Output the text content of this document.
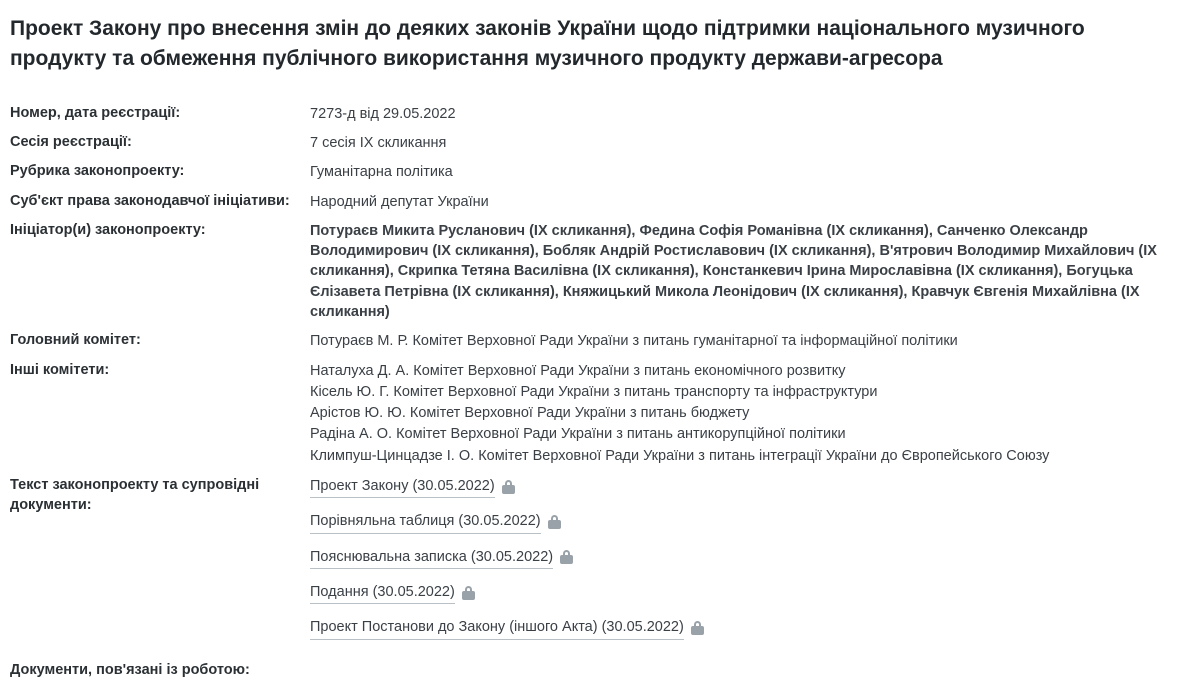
Проект Закону про внесення змін до деяких законів України щодо підтримки національного музичного продукту та обмеження публічного використання музичного продукту держави-агресора
Номер, дата реєстрації:	7273-д від 29.05.2022
Сесія реєстрації:	7 сесія IX скликання
Рубрика законопроекту:	Гуманітарна політика
Суб'єкт права законодавчої ініціативи:	Народний депутат України
Ініціатор(и) законопроекту:	Потураєв Микита Русланович (IX скликання), Федина Софія Романівна (IX скликання), Санченко Олександр Володимирович (IX скликання), Бобляк Андрій Ростиславович (IX скликання), В'ятрович Володимир Михайлович (IX скликання), Скрипка Тетяна Василівна (IX скликання), Констанкевич Ірина Мирославівна (IX скликання), Богуцька Єлізавета Петрівна (IX скликання), Княжицький Микола Леонідович (IX скликання), Кравчук Євгенія Михайлівна (IX скликання)
Головний комітет:	Потураєв М. Р. Комітет Верховної Ради України з питань гуманітарної та інформаційної політики
Інші комітети:	Наталуха Д. А. Комітет Верховної Ради України з питань економічного розвитку
Кісель Ю. Г. Комітет Верховної Ради України з питань транспорту та інфраструктури
Арістов Ю. Ю. Комітет Верховної Ради України з питань бюджету
Радіна А. О. Комітет Верховної Ради України з питань антикорупційної політики
Климпуш-Цинцадзе І. О. Комітет Верховної Ради України з питань інтеграції України до Європейського Союзу

Текст законопроекту та супровідні документи:	Проект Закону (30.05.2022)
Порівняльна таблиця (30.05.2022)
Пояснювальна записка (30.05.2022)
Подання (30.05.2022)
Проект Постанови до Закону (іншого Акта) (30.05.2022)

Документи, пов'язані із роботою:	
